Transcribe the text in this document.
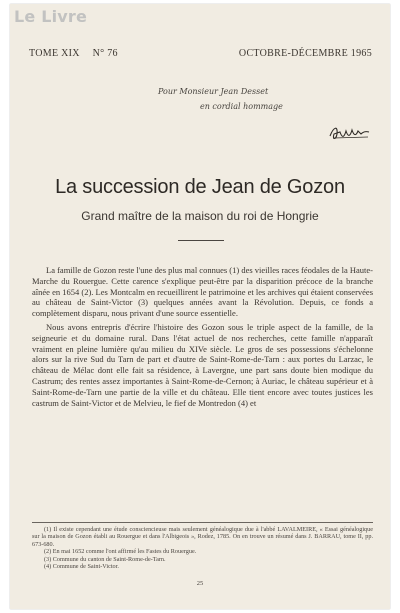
Le Livre
TOME XIX N° 76	OCTOBRE-DÉCEMBRE 1965
Pour Monsieur Jean Desset
en cordial hommage
La succession de Jean de Gozon
Grand maître de la maison du roi de Hongrie

La famille de Gozon reste l'une des plus mal connues (1) des vieilles races féodales de la Haute-Marche du Rouergue. Cette carence s'explique peut-être par la disparition précoce de la branche aînée en 1654 (2). Les Montcalm en recueillirent le patrimoine et les archives qui étaient conservées au château de Saint-Victor (3) quelques années avant la Révolution. Depuis, ce fonds a complètement disparu, nous privant d'une source essentielle.

Nous avons entrepris d'écrire l'histoire des Gozon sous le triple aspect de la famille, de la seigneurie et du domaine rural. Dans l'état actuel de nos recherches, cette famille n'apparaît vraiment en pleine lumière qu'au milieu du XIVe siècle. Le gros de ses possessions s'échelonne alors sur la rive Sud du Tarn de part et d'autre de Saint-Rome-de-Tarn : aux portes du Larzac, le château de Mélac dont elle fait sa résidence, à Lavergne, une part sans doute bien modique du Castrum; des rentes assez importantes à Saint-Rome-de-Cernon; à Auriac, le château supérieur et à Saint-Rome-de-Tarn une partie de la ville et du château. Elle tient encore avec toutes justices les castrum de Saint-Victor et de Melvieu, le fief de Montredon (4) et

(1) Il existe cependant une étude consciencieuse mais seulement généalogique due à l'abbé LAVALMEIRE, « Essai généalogique sur la maison de Gozon établi au Rouergue et dans l'Albigeois », Rodez, 1785. On en trouve un résumé dans J. BARRAU, tome II, pp. 673-680.

(2) En mai 1652 comme l'ont affirmé les Fastes du Rouergue.

(3) Commune du canton de Saint-Rome-de-Tarn.

(4) Commune de Saint-Victor.

25
